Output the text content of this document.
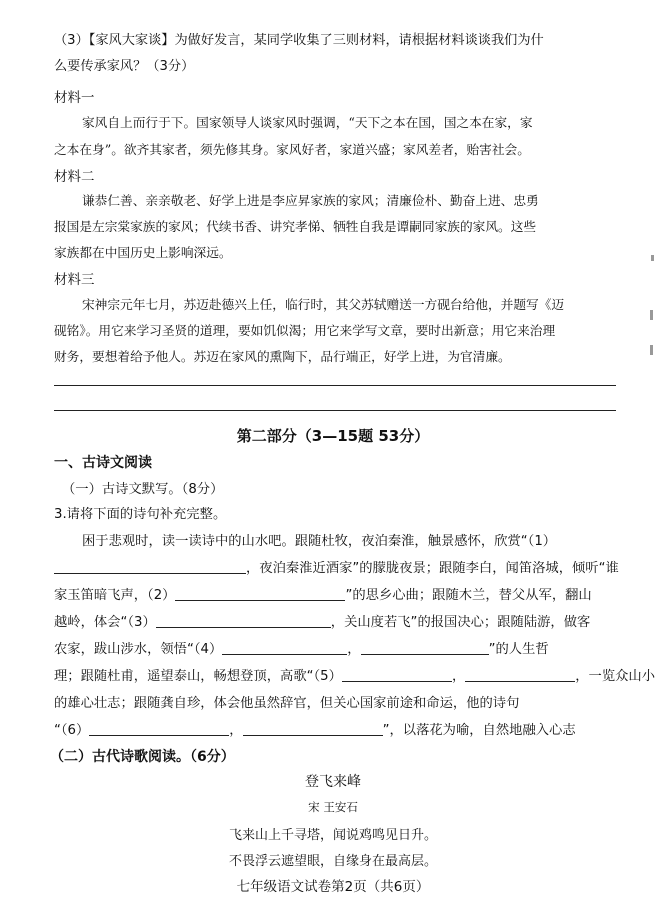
（3）【家风大家谈】为做好发言，某同学收集了三则材料，请根据材料谈谈我们为什
么要传承家风？（3分）
材料一
家风自上而行于下。国家领导人谈家风时强调，“天下之本在国，国之本在家，家
之本在身”。欲齐其家者，须先修其身。家风好者，家道兴盛；家风差者，贻害社会。
材料二
谦恭仁善、亲亲敬老、好学上进是李应昇家族的家风；清廉俭朴、勤奋上进、忠勇
报国是左宗棠家族的家风；代续书香、讲究孝悌、牺牲自我是谭嗣同家族的家风。这些
家族都在中国历史上影响深远。
材料三
宋神宗元年七月，苏迈赴德兴上任，临行时，其父苏轼赠送一方砚台给他，并题写《迈
砚铭》。用它来学习圣贤的道理，要如饥似渴；用它来学写文章，要时出新意；用它来治理
财务，要想着给予他人。苏迈在家风的熏陶下，品行端正，好学上进，为官清廉。
第二部分（3—15题 53分）
一、古诗文阅读
（一）古诗文默写。（8分）
3.请将下面的诗句补充完整。
困于悲观时，读一读诗中的山水吧。跟随杜牧，夜泊秦淮，触景感怀，欣赏“（1）
，夜泊秦淮近酒家”的朦胧夜景；跟随李白，闻笛洛城，倾听“谁
家玉笛暗飞声，（2）	”的思乡心曲；跟随木兰，替父从军，翻山
越岭，体会“（3）	，关山度若飞”的报国决心；跟随陆游，做客
农家，跋山涉水，领悟“（4）	，	”的人生哲
理；跟随杜甫，遥望泰山，畅想登顶，高歌“（5）	，	，一览众山小
的雄心壮志；跟随龚自珍，体会他虽然辞官，但关心国家前途和命运，他的诗句
“（6）	，	”，以落花为喻，自然地融入心志
（二）古代诗歌阅读。（6分）
登飞来峰
宋 王安石
飞来山上千寻塔，闻说鸡鸣见日升。
不畏浮云遮望眼，自缘身在最高层。
七年级语文试卷第2页（共6页）
